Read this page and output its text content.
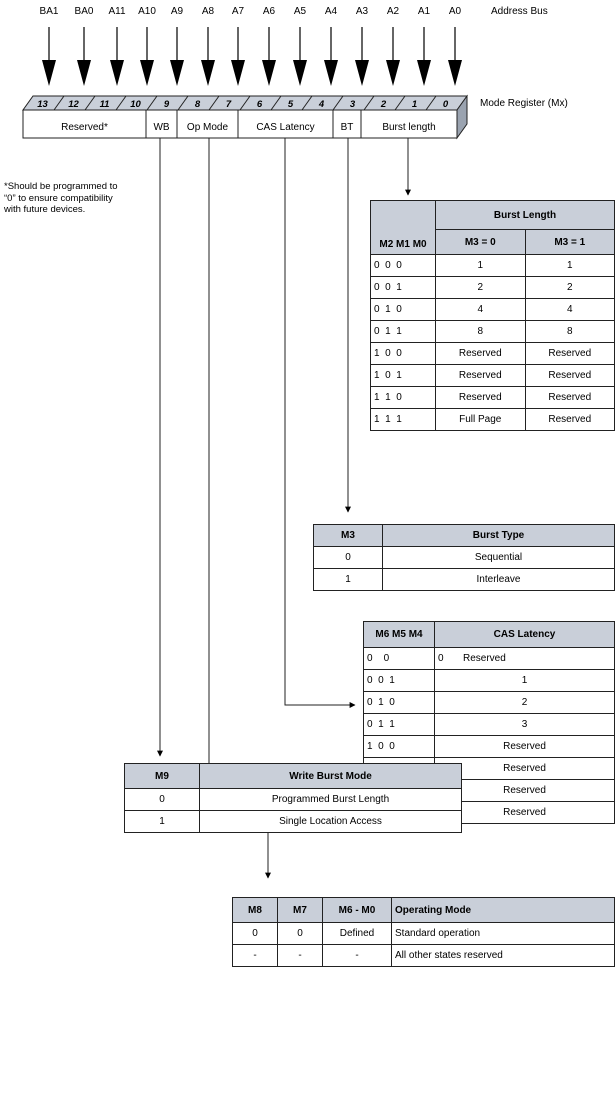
BA1	BA0	A11	A10	A9	A8	A7	A6	A5	A4	A3	A2	A1	A0	Address Bus
13 12 11 10 9	8	7	6	5	4	3	2	1	0	Mode Register (Mx)
Reserved*	WB	Op Mode	CAS Latency	BT	Burst length
*Should be programmed to “0” to ensure compatibility with future devices.
M2 M1 M0	Burst Length	
	M3 = 0	M3 = 1
0  0  0	1	1
0  0  1	2	2
0  1  0	4	4
0  1  1	8	8
1  0  0	Reserved	Reserved
1  0  1	Reserved	Reserved
1  1  0	Reserved	Reserved
1  1  1	Full Page	Reserved
M3	Burst Type
0	Sequential
1	Interleave
M6 M5 M4	CAS Latency
0    0	0       Reserved
0  0  1	1
0  1  0	2
0  1  1	3
1  0  0	Reserved
	Reserved
	Reserved
	Reserved
M8	M7	M6 - M0	Operating Mode
0	0	Defined	Standard operation
-	-	-	All other states reserved
M9	Write Burst Mode
0	Programmed Burst Length
1	Single Location Access
